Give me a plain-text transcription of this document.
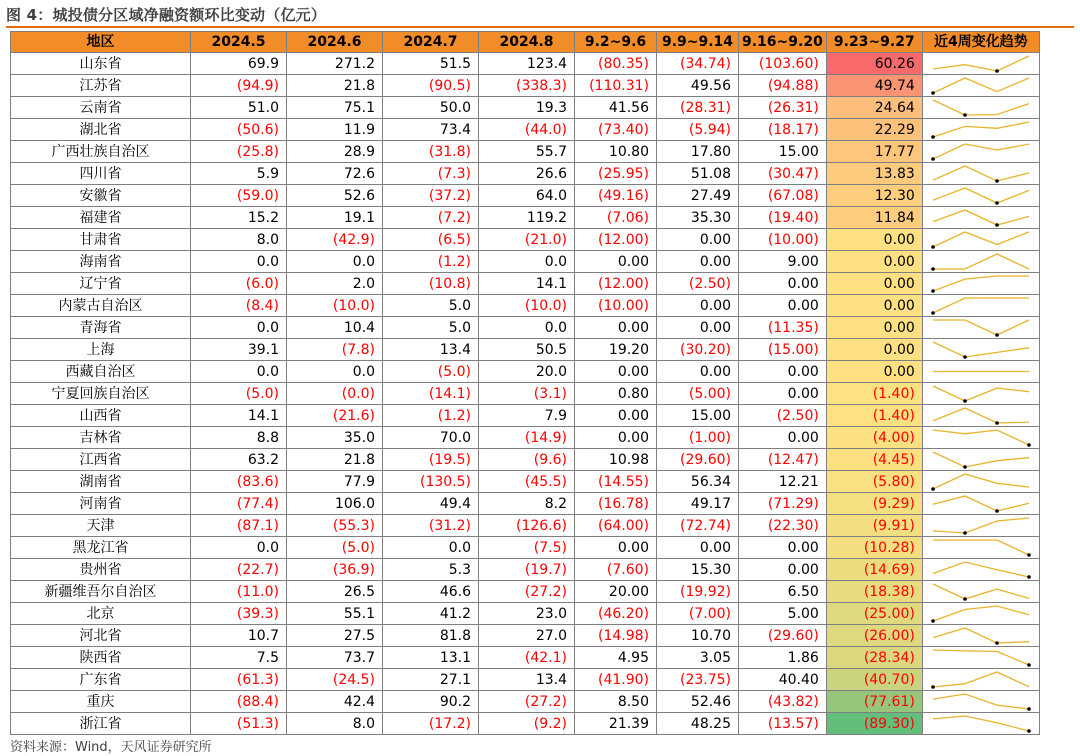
图 4：城投债分区域净融资额环比变动（亿元）
地区	2024.5	2024.6	2024.7	2024.8	9.2~9.6	9.9~9.14	9.16~9.20	9.23~9.27	近4周变化趋势
山东省	69.9	271.2	51.5	123.4	(80.35)	(34.74)	(103.60)	60.26	

江苏省	(94.9)	21.8	(90.5)	(338.3)	(110.31)	49.56	(94.88)	49.74	

云南省	51.0	75.1	50.0	19.3	41.56	(28.31)	(26.31)	24.64	

湖北省	(50.6)	11.9	73.4	(44.0)	(73.40)	(5.94)	(18.17)	22.29	

广西壮族自治区	(25.8)	28.9	(31.8)	55.7	10.80	17.80	15.00	17.77	

四川省	5.9	72.6	(7.3)	26.6	(25.95)	51.08	(30.47)	13.83	

安徽省	(59.0)	52.6	(37.2)	64.0	(49.16)	27.49	(67.08)	12.30	

福建省	15.2	19.1	(7.2)	119.2	(7.06)	35.30	(19.40)	11.84	

甘肃省	8.0	(42.9)	(6.5)	(21.0)	(12.00)	0.00	(10.00)	0.00	

海南省	0.0	0.0	(1.2)	0.0	0.00	0.00	9.00	0.00	

辽宁省	(6.0)	2.0	(10.8)	14.1	(12.00)	(2.50)	0.00	0.00	

内蒙古自治区	(8.4)	(10.0)	5.0	(10.0)	(10.00)	0.00	0.00	0.00	

青海省	0.0	10.4	5.0	0.0	0.00	0.00	(11.35)	0.00	

上海	39.1	(7.8)	13.4	50.5	19.20	(30.20)	(15.00)	0.00	

西藏自治区	0.0	0.0	(5.0)	20.0	0.00	0.00	0.00	0.00	

宁夏回族自治区	(5.0)	(0.0)	(14.1)	(3.1)	0.80	(5.00)	0.00	(1.40)	

山西省	14.1	(21.6)	(1.2)	7.9	0.00	15.00	(2.50)	(1.40)	

吉林省	8.8	35.0	70.0	(14.9)	0.00	(1.00)	0.00	(4.00)	

江西省	63.2	21.8	(19.5)	(9.6)	10.98	(29.60)	(12.47)	(4.45)	

湖南省	(83.6)	77.9	(130.5)	(45.5)	(14.55)	56.34	12.21	(5.80)	

河南省	(77.4)	106.0	49.4	8.2	(16.78)	49.17	(71.29)	(9.29)	

天津	(87.1)	(55.3)	(31.2)	(126.6)	(64.00)	(72.74)	(22.30)	(9.91)	

黑龙江省	0.0	(5.0)	0.0	(7.5)	0.00	0.00	0.00	(10.28)	

贵州省	(22.7)	(36.9)	5.3	(19.7)	(7.60)	15.30	0.00	(14.69)	

新疆维吾尔自治区	(11.0)	26.5	46.6	(27.2)	20.00	(19.92)	6.50	(18.38)	

北京	(39.3)	55.1	41.2	23.0	(46.20)	(7.00)	5.00	(25.00)	

河北省	10.7	27.5	81.8	27.0	(14.98)	10.70	(29.60)	(26.00)	

陕西省	7.5	73.7	13.1	(42.1)	4.95	3.05	1.86	(28.34)	

广东省	(61.3)	(24.5)	27.1	13.4	(41.90)	(23.75)	40.40	(40.70)	

重庆	(88.4)	42.4	90.2	(27.2)	8.50	52.46	(43.82)	(77.61)	

浙江省	(51.3)	8.0	(17.2)	(9.2)	21.39	48.25	(13.57)	(89.30)	
资料来源：Wind，天风证券研究所
